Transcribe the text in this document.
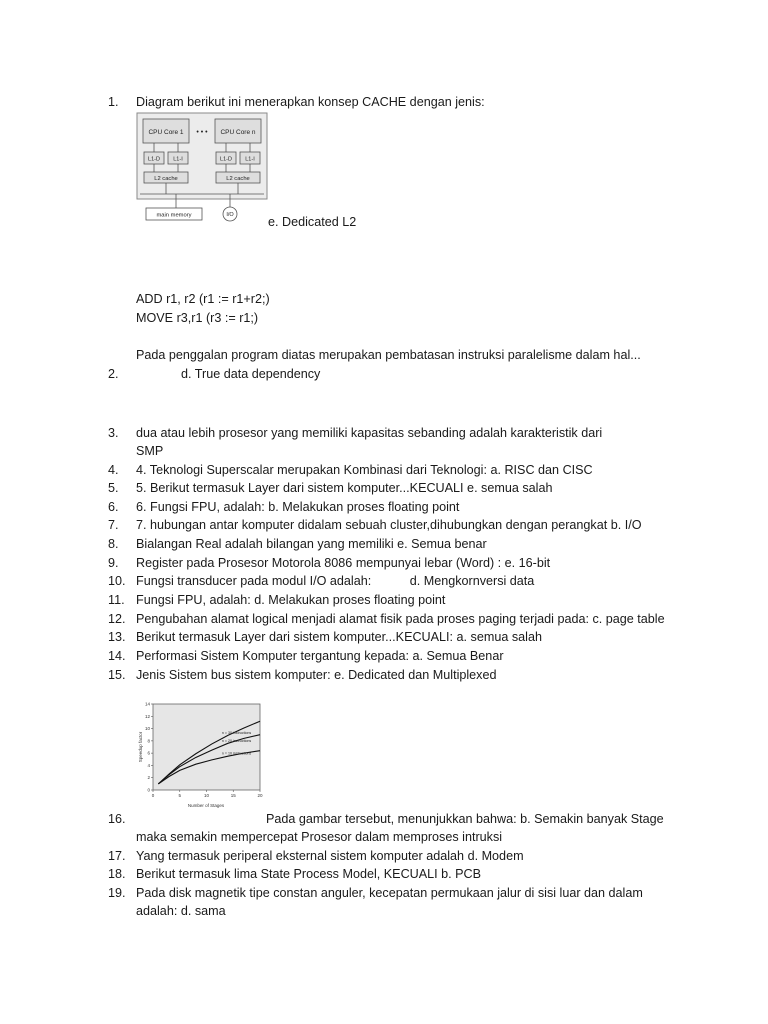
1.	Diagram berikut ini menerapkan konsep CACHE dengan jenis:
CPU Core 1 • • • CPU Core n
L1-D L1-I	L1-D L1-I
L2 cache	L2 cache
main memory	I/O	e. Dedicated L2
ADD r1, r2 (r1 := r1+r2;)
MOVE r3,r1 (r3 := r1;)
Pada penggalan program diatas merupakan pembatasan instruksi paralelisme dalam hal...
2.	d. True data dependency
3.	dua atau lebih prosesor yang memiliki kapasitas sebanding adalah karakteristik dari
SMP
4.	4. Teknologi Superscalar merupakan Kombinasi dari Teknologi: a. RISC dan CISC
5.	5. Berikut termasuk Layer dari sistem komputer...KECUALI e. semua salah
6.	6. Fungsi FPU, adalah: b. Melakukan proses floating point
7.	7. hubungan antar komputer didalam sebuah cluster,dihubungkan dengan perangkat b. I/O
8.	Bialangan Real adalah bilangan yang memiliki e. Semua benar
9.	Register pada Prosesor Motorola 8086 mempunyai lebar (Word) : e. 16-bit
10. Fungsi transducer pada modul I/O adalah:           d. Mengkornversi data
11. Fungsi FPU, adalah: d. Melakukan proses floating point
12. Pengubahan alamat logical menjadi alamat fisik pada proses paging terjadi pada: c. page table
13. Berikut termasuk Layer dari sistem komputer...KECUALI: a. semua salah
14. Performasi Sistem Komputer tergantung kepada: a. Semua Benar
15. Jenis Sistem bus sistem komputer: e. Dedicated dan Multiplexed
0	5	10	15	20
0
2
4
6
8
10
12
14
n = 20 instructions
n = 10 instructions
n = 30 instructions
Number of Stages
Speedup factor
16.	Pada gambar tersebut, menunjukkan bahwa: b. Semakin banyak Stage
maka semakin mempercepat Prosesor dalam memproses intruksi
17. Yang termasuk periperal eksternal sistem komputer adalah d. Modem
18. Berikut termasuk lima State Process Model, KECUALI b. PCB
19. Pada disk magnetik tipe constan anguler, kecepatan permukaan jalur di sisi luar dan dalam
adalah: d. sama
